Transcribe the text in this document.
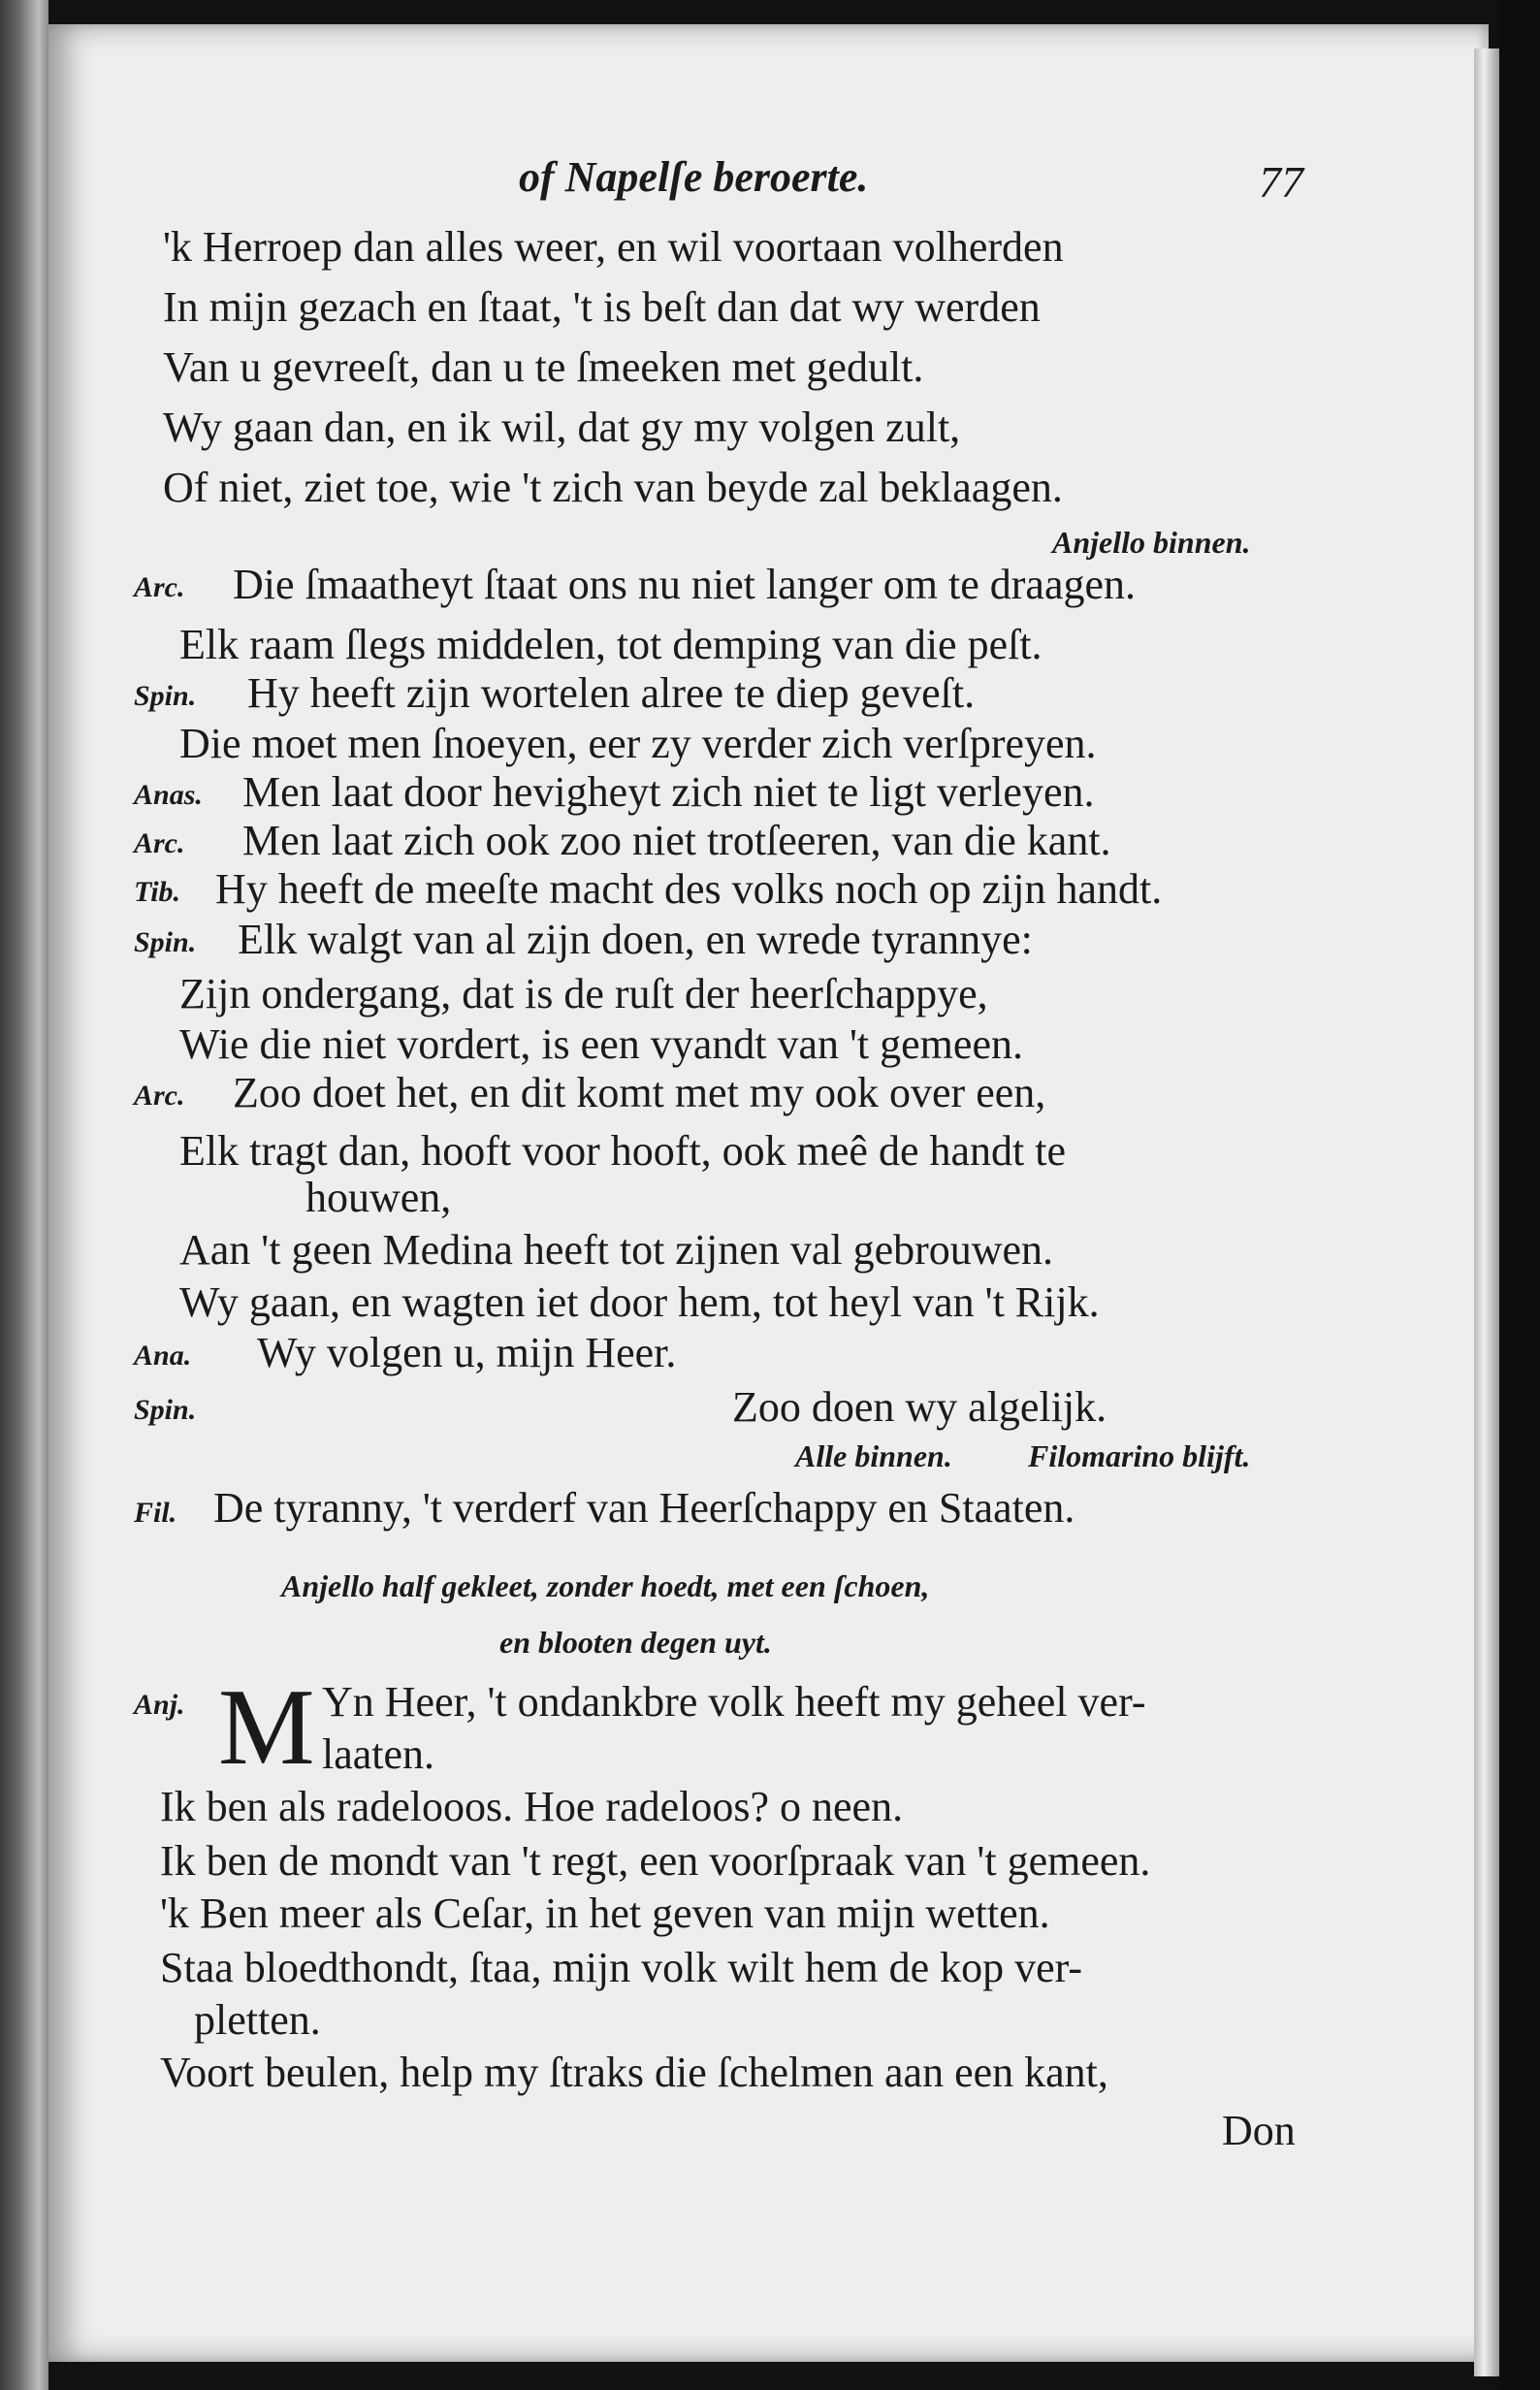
of Napelſe beroerte.	77
'k Herroep dan alles weer, en wil voortaan volherden
In mijn gezach en ſtaat, 't is beſt dan dat wy werden
Van u gevreeſt, dan u te ſmeeken met gedult.
Wy gaan dan, en ik wil, dat gy my volgen zult,
Of niet, ziet toe, wie 't zich van beyde zal beklaagen.
Anjello binnen.
Arc. Die ſmaatheyt ſtaat ons nu niet langer om te draagen.
Elk raam ſlegs middelen, tot demping van die peſt.
Spin. Hy heeft zijn wortelen alree te diep geveſt.
Die moet men ſnoeyen, eer zy verder zich verſpreyen.
Anas. Men laat door hevigheyt zich niet te ligt verleyen.
Arc. Men laat zich ook zoo niet trotſeeren, van die kant.
Tib. Hy heeft de meeſte macht des volks noch op zijn handt.
Spin. Elk walgt van al zijn doen, en wrede tyrannye:
Zijn ondergang, dat is de ruſt der heerſchappye,
Wie die niet vordert, is een vyandt van 't gemeen.
Arc. Zoo doet het, en dit komt met my ook over een,
Elk tragt dan, hooft voor hooft, ook meê de handt te
houwen,
Aan 't geen Medina heeft tot zijnen val gebrouwen.
Wy gaan, en wagten iet door hem, tot heyl van 't Rijk.
Ana. Wy volgen u, mijn Heer.
Spin.	Zoo doen wy algelijk.
Alle binnen. Filomarino blijft.
Fil. De tyranny, 't verderf van Heerſchappy en Staaten.
Anjello half gekleet, zonder hoedt, met een ſchoen,
en blooten degen uyt.
Anj. M Yn Heer, 't ondankbre volk heeft my geheel ver-
laaten.
Ik ben als radelooos. Hoe radeloos? o neen.
Ik ben de mondt van 't regt, een voorſpraak van 't gemeen.
'k Ben meer als Ceſar, in het geven van mijn wetten.
Staa bloedthondt, ſtaa, mijn volk wilt hem de kop ver-
pletten.
Voort beulen, help my ſtraks die ſchelmen aan een kant,
Don
